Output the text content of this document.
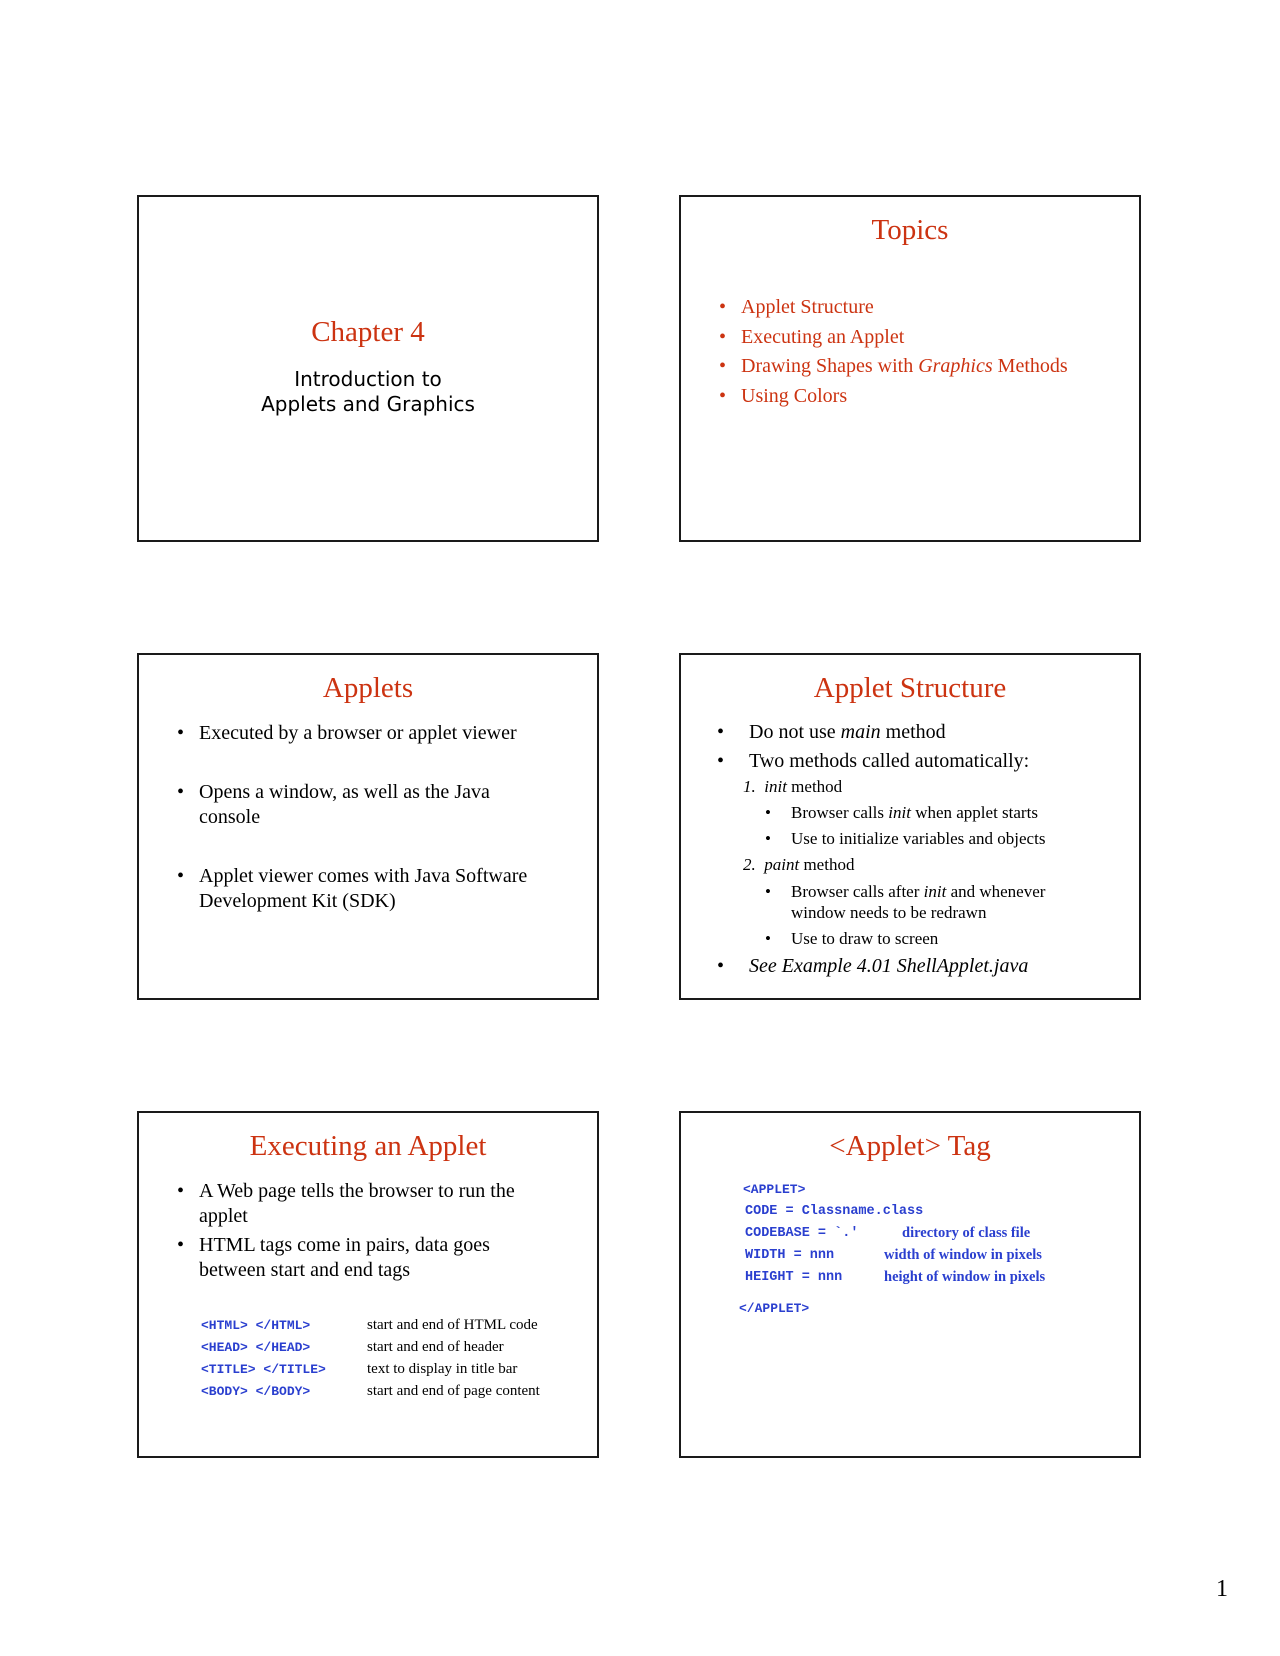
Chapter 4
Introduction to
Applets and Graphics
Topics
• Applet Structure
• Executing an Applet
• Drawing Shapes with Graphics Methods
• Using Colors
Applets
• Executed by a browser or applet viewer
• Opens a window, as well as the Java
console
• Applet viewer comes with Java Software
Development Kit (SDK)
Applet Structure
• Do not use main method
• Two methods called automatically:
1. init method
• Browser calls init when applet starts
• Use to initialize variables and objects
2. paint method
• Browser calls after init and whenever
window needs to be redrawn
• Use to draw to screen
• See Example 4.01 ShellApplet.java
Executing an Applet
• A Web page tells the browser to run the
applet
• HTML tags come in pairs, data goes
between start and end tags
<HTML> </HTML>	start and end of HTML code
<HEAD> </HEAD>	start and end of header
<TITLE> </TITLE>	text to display in title bar
<BODY> </BODY>	start and end of page content
<Applet> Tag
<APPLET>
CODE = Classname.class
CODEBASE = `.'	directory of class file
WIDTH = nnn	width of window in pixels
HEIGHT = nnn	height of window in pixels
</APPLET>
1
